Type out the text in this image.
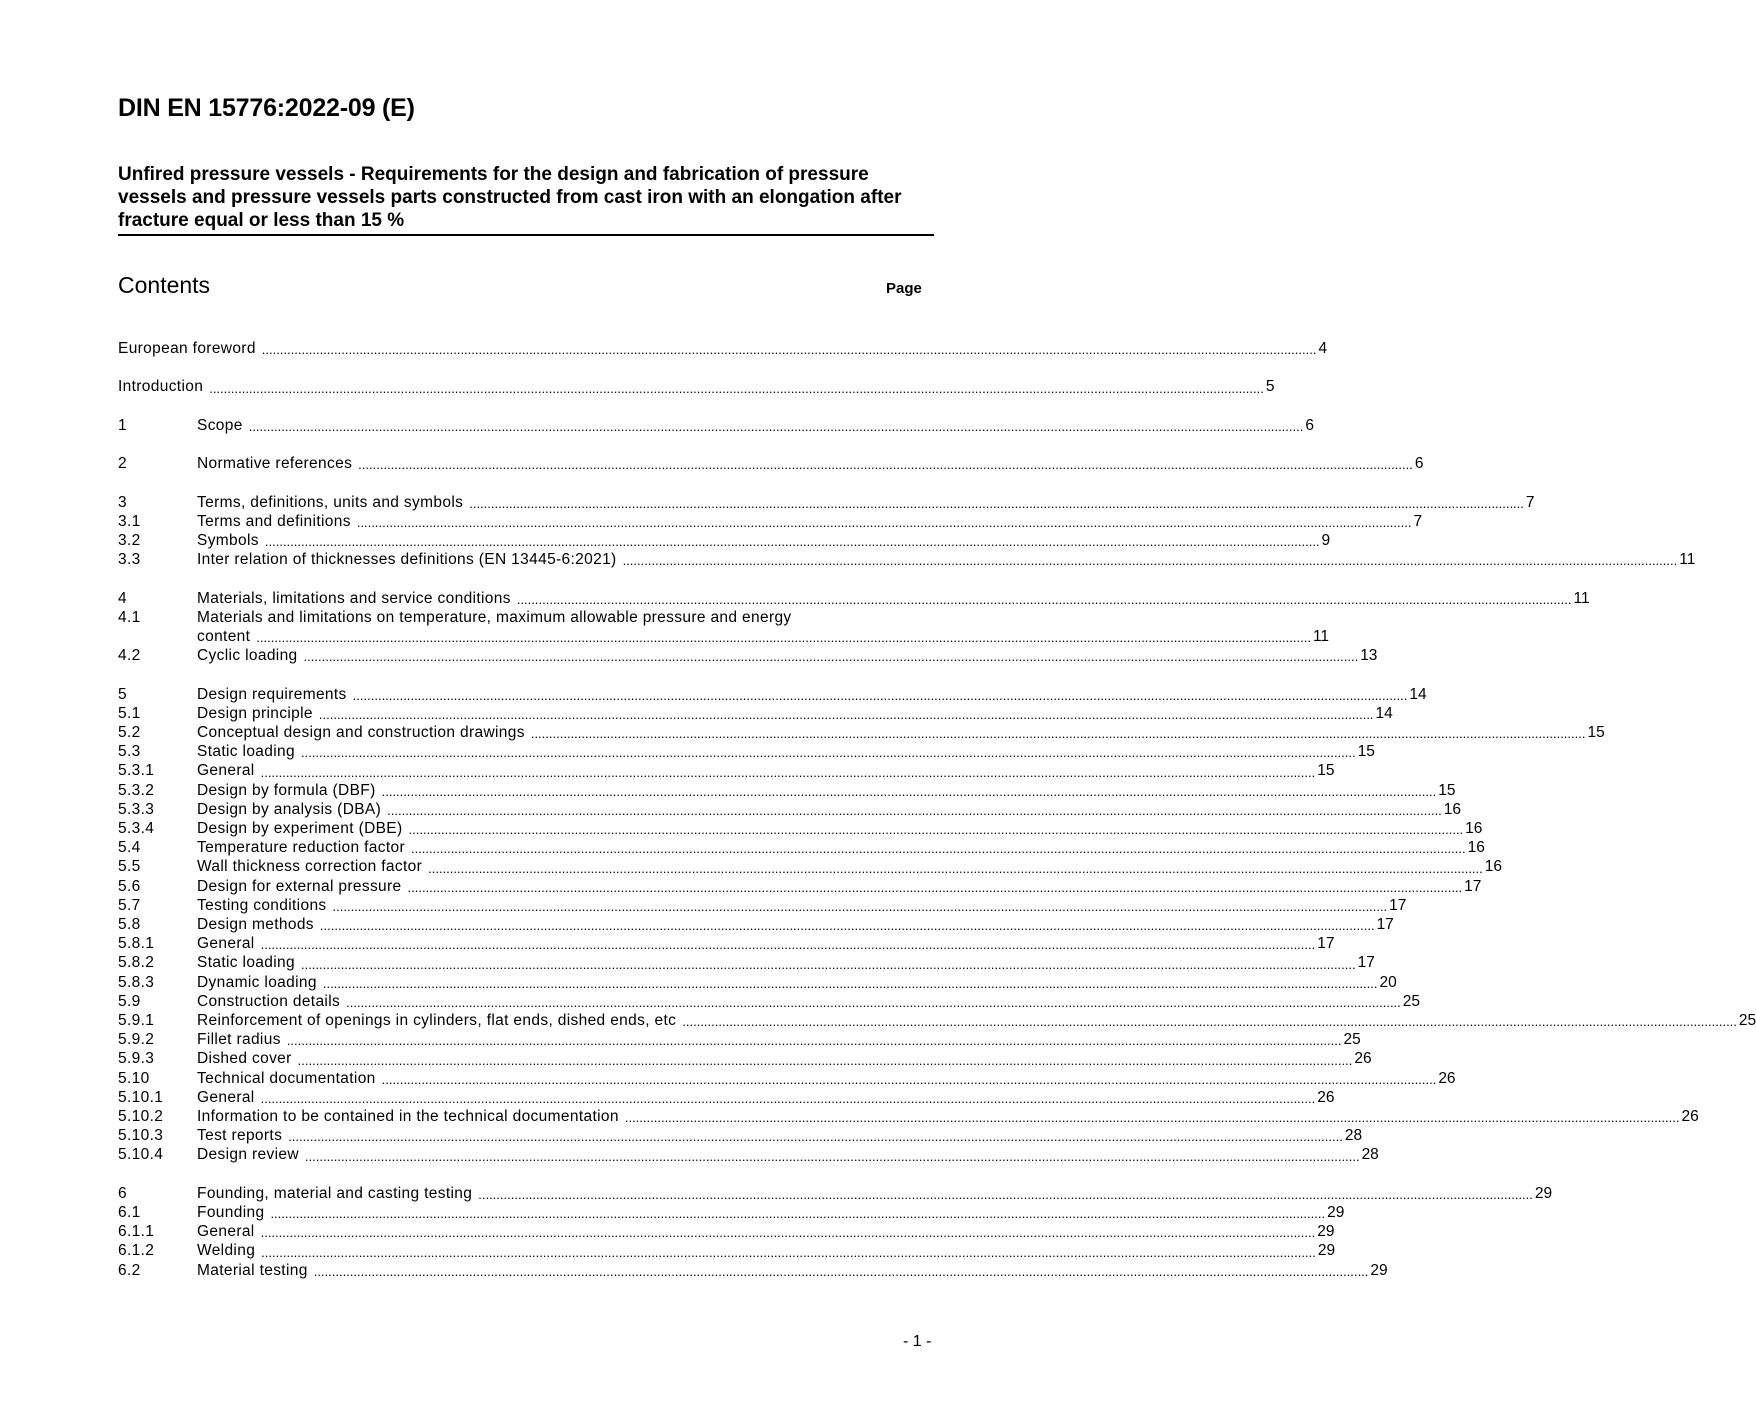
DIN EN 15776:2022-09 (E)
Unfired pressure vessels - Requirements for the design and fabrication of pressure vessels and pressure vessels parts constructed from cast iron with an elongation after fracture equal or less than 15 %
Contents	Page
European foreword .....	4
Introduction .....	5
1	Scope .....	6
2	Normative references .....	6
3	Terms, definitions, units and symbols .....	7
3.1	Terms and definitions .....	7
3.2	Symbols .....	9
3.3	Inter relation of thicknesses definitions (EN 13445-6:2021) .....	11
4	Materials, limitations and service conditions .....	11
4.1	Materials and limitations on temperature, maximum allowable pressure and energy
content .....	11
4.2	Cyclic loading .....	13
5	Design requirements .....	14
5.1	Design principle .....	14
5.2	Conceptual design and construction drawings .....	15
5.3	Static loading .....	15
5.3.1	General .....	15
5.3.2	Design by formula (DBF) .....	15
5.3.3	Design by analysis (DBA) .....	16
5.3.4	Design by experiment (DBE) .....	16
5.4	Temperature reduction factor .....	16
5.5	Wall thickness correction factor .....	16
5.6	Design for external pressure .....	17
5.7	Testing conditions .....	17
5.8	Design methods .....	17
5.8.1	General .....	17
5.8.2	Static loading .....	17
5.8.3	Dynamic loading .....	20
5.9	Construction details .....	25
5.9.1	Reinforcement of openings in cylinders, flat ends, dished ends, etc .....	25
5.9.2	Fillet radius .....	25
5.9.3	Dished cover .....	26
5.10	Technical documentation .....	26
5.10.1	General .....	26
5.10.2	Information to be contained in the technical documentation .....	26
5.10.3	Test reports .....	28
5.10.4	Design review .....	28
6	Founding, material and casting testing .....	29
6.1	Founding .....	29
6.1.1	General .....	29
6.1.2	Welding .....	29
6.2	Material testing .....	29
- 1 -
